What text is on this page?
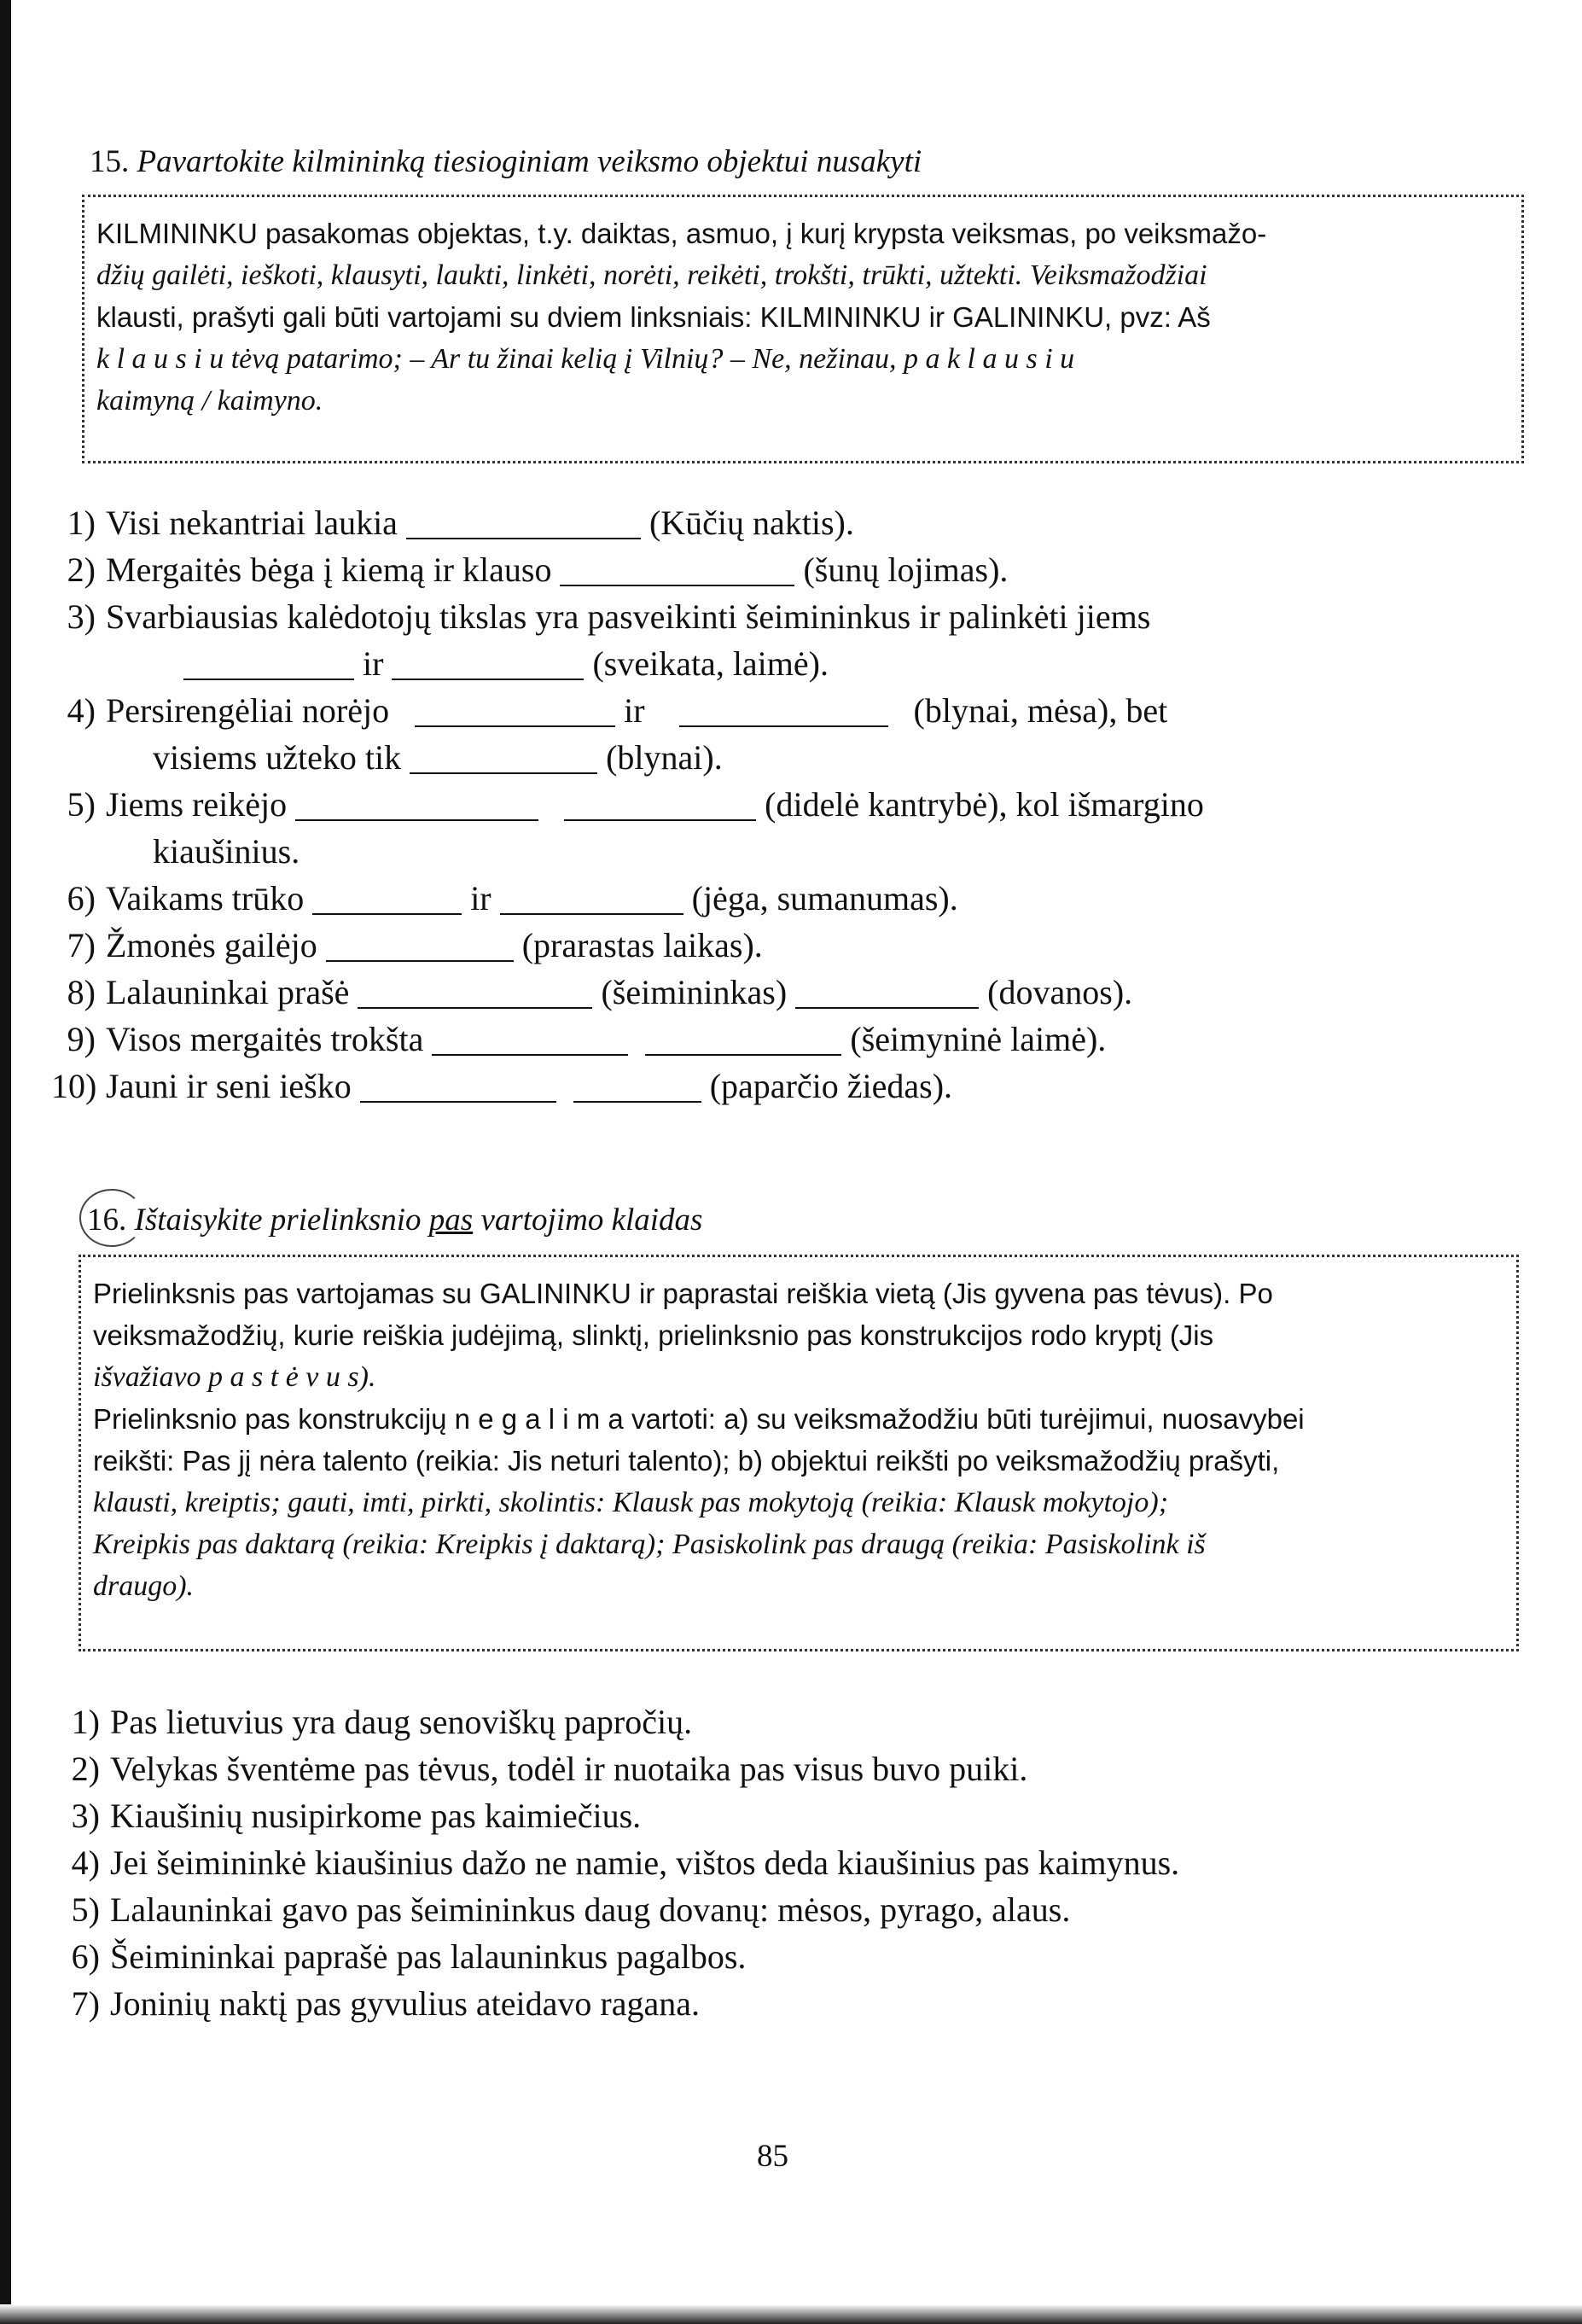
15. Pavartokite kilmininką tiesioginiam veiksmo objektui nusakyti

KILMININKU pasakomas objektas, t.y. daiktas, asmuo, į kurį krypsta veiksmas, po veiksmažo-

džių gailėti, ieškoti, klausyti, laukti, linkėti, norėti, reikėti, trokšti, trūkti, užtekti. Veiksmažodžiai

klausti, prašyti gali būti vartojami su dviem linksniais: KILMININKU ir GALININKU, pvz: Aš

k l a u s i u tėvą patarimo; – Ar tu žinai kelią į Vilnių? – Ne, nežinau, p a k l a u s i u

kaimyną / kaimyno.

1) Visi nekantriai laukia	(Kūčių naktis).
2) Mergaitės bėga į kiemą ir klauso	(šunų lojimas).
3) Svarbiausias kalėdotojų tikslas yra pasveikinti šeimininkus ir palinkėti jiems
ir	(sveikata, laimė).
4) Persirengėliai norėjo	ir	(blynai, mėsa), bet
visiems užteko tik	(blynai).
5) Jiems reikėjo	(didelė kantrybė), kol išmargino
kiaušinius.
6) Vaikams trūko	ir	(jėga, sumanumas).
7) Žmonės gailėjo	(prarastas laikas).
8) Lalauninkai prašė	(šeimininkas)	(dovanos).
9) Visos mergaitės trokšta	(šeimyninė laimė).
10) Jauni ir seni ieško	(paparčio žiedas).
16. Ištaisykite prielinksnio pas vartojimo klaidas

Prielinksnis pas vartojamas su GALININKU ir paprastai reiškia vietą (Jis gyvena pas tėvus). Po

veiksmažodžių, kurie reiškia judėjimą, slinktį, prielinksnio pas konstrukcijos rodo kryptį (Jis

išvažiavo p a s t ė v u s).

Prielinksnio pas konstrukcijų n e g a l i m a vartoti: a) su veiksmažodžiu būti turėjimui, nuosavybei

reikšti: Pas jį nėra talento (reikia: Jis neturi talento); b) objektui reikšti po veiksmažodžių prašyti,

klausti, kreiptis; gauti, imti, pirkti, skolintis: Klausk pas mokytoją (reikia: Klausk mokytojo);

Kreipkis pas daktarą (reikia: Kreipkis į daktarą); Pasiskolink pas draugą (reikia: Pasiskolink iš

draugo).

1) Pas lietuvius yra daug senoviškų papročių.
2) Velykas šventėme pas tėvus, todėl ir nuotaika pas visus buvo puiki.
3) Kiaušinių nusipirkome pas kaimiečius.
4) Jei šeimininkė kiaušinius dažo ne namie, vištos deda kiaušinius pas kaimynus.
5) Lalauninkai gavo pas šeimininkus daug dovanų: mėsos, pyrago, alaus.
6) Šeimininkai paprašė pas lalauninkus pagalbos.
7) Joninių naktį pas gyvulius ateidavo ragana.
85
